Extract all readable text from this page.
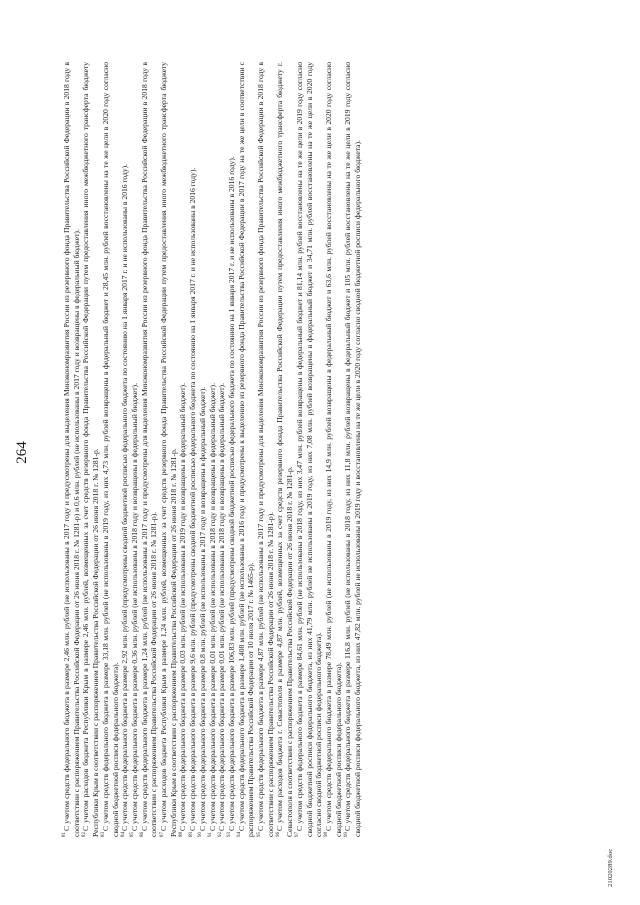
264

$^{81}$С учетом средств федерального бюджета в размере 2,46 млн. рублей (не использованы в 2017 году и предусмотрены для выделения Минэкономразвития России из резервного фонда Правительства Российской Федерации в 2018 году в соответствии с распоряжением Правительства Российской Федерации от 26 июня 2018 г. № 1281-р) и 0,6 млн. рублей (не использованы в 2017 году и возвращены в федеральный бюджет). $^{82}$С учетом расходов бюджета Республики Крым в размере 2,46 млн. рублей, возмещенных за счет средств резервного фонда Правительства Российской Федерации путем предоставления иного межбюджетного трансферта бюджету Республики Крым в соответствии с распоряжением Правительства Российской Федерации от 26 июня 2018 г. № 1281-р. $^{83}$С учетом средств федерального бюджета в размере 33,18 млн. рублей (не использованы в 2019 году, из них 4,73 млн. рублей возвращены в федеральный бюджет и 28,45 млн. рублей восстановлены на те же цели в 2020 году согласно сводной бюджетной росписи федерального бюджета). $^{84}$С учетом средств федерального бюджета в размере 2,92 млн. рублей (предусмотрены сводной бюджетной росписью федерального бюджета по состоянию на 1 января 2017 г. и не использованы в 2016 году).

$^{85}$С учетом средств федерального бюджета в размере 0,36 млн. рублей (не использованы в 2018 году и возвращены в федеральный бюджет).

$^{86}$С учетом средств федерального бюджета в размере 1,24 млн. рублей (не использованы в 2017 году и предусмотрены для выделения Минэкономразвития России из резервного фонда Правительства Российской Федерации в 2018 году в соответствии с распоряжением Правительства Российской Федерации от 26 июня 2018 г. № 1281-р). $^{87}$С учетом расходов бюджета Республики Крым в размере 1,24 млн. рублей, возмещенных за счет средств резервного фонда Правительства Российской Федерации путем предоставления иного межбюджетного трансферта бюджету Республики Крым в соответствии с распоряжением Правительства Российской Федерации от 26 июня 2018 г. № 1281-р. $^{88}$С учетом средств федерального бюджета в размере 0,03 млн. рублей (не использованы в 2019 году и возвращены в федеральный бюджет).

$^{89}$С учетом средств федерального бюджета в размере 9,6 млн. рублей (предусмотрены сводной бюджетной росписью федерального бюджета по состоянию на 1 января 2017 г. и не использованы в 2016 году).

$^{90}$С учетом средств федерального бюджета в размере 0,8 млн. рублей (не использованы в 2017 году и возвращены в федеральный бюджет).

$^{91}$С учетом средств федерального бюджета в размере 0,01 млн. рублей (не использованы в 2018 году и возвращены в федеральный бюджет).

$^{92}$С учетом средств федерального бюджета в размере 0,01 млн. рублей (не использованы в 2018 году и возвращены в федеральный бюджет).

$^{93}$С учетом средств федерального бюджета в размере 106,83 млн. рублей (предусмотрены сводной бюджетной росписью федерального бюджета по состоянию на 1 января 2017 г. и не использованы в 2016 году).

$^{94}$С учетом средств федерального бюджета в размере 1,408 млн. рублей (не использованы в 2016 году и предусмотрены к выделению из резервного фонда Правительства Российской Федерации в 2017 году на те же цели в соответствии с распоряжением Правительства Российской Федерации от 10 июля 2017 г. № 1465-р). $^{95}$С учетом средств федерального бюджета в размере 4,87 млн. рублей (не использованы в 2017 году и предусмотрены для выделения Минэкономразвития России из резервного фонда Правительства Российской Федерации в 2018 году в соответствии с распоряжением Правительства Российской Федерации от 26 июня 2018 г. № 1281-р). $^{96}$С учетом расходов бюджета г. Севастополя в размере 4,87 млн. рублей, возмещенных за счет средств резервного фонда Правительства Российской Федерации путем предоставления иного межбюджетного трансферта бюджету г. Севастополя в соответствии с распоряжением Правительства Российской Федерации от 26 июня 2018 г. № 1281-р. $^{97}$С учетом средств федерального бюджета в размере 84,61 млн. рублей (не использованы в 2018 году, из них 3,47 млн. рублей возвращены в федеральный бюджет и 81,14 млн. рублей восстановлены на те же цели в 2019 году согласно сводной бюджетной росписи федерального бюджета, из них 41,79 млн. рублей не использованы в 2019 году, из них 7,08 млн. рублей возвращены в федеральный бюджет и 34,71 млн. рублей восстановлены на те же цели в 2020 году согласно сводной бюджетной росписи федерального бюджета). $^{98}$С учетом средств федерального бюджета в размере 78,49 млн. рублей (не использованы в 2019 году, из них 14,9 млн. рублей возвращены в федеральный бюджет и 63,6 млн. рублей восстановлены на те же цели в 2020 году согласно сводной бюджетной росписи федерального бюджета). $^{99}$С учетом средств федерального бюджета в размере 116,8 млн. рублей (не использованы в 2018 году, из них 11,8 млн. рублей возвращены в федеральный бюджет и 105 млн. рублей восстановлены на те же цели в 2019 году согласно сводной бюджетной росписи федерального бюджета, из них 47,82 млн. рублей не использованы в 2019 году и восстановлены на те же цели в 2020 году согласно сводной бюджетной росписи федерального бюджета).

21020289.doc
